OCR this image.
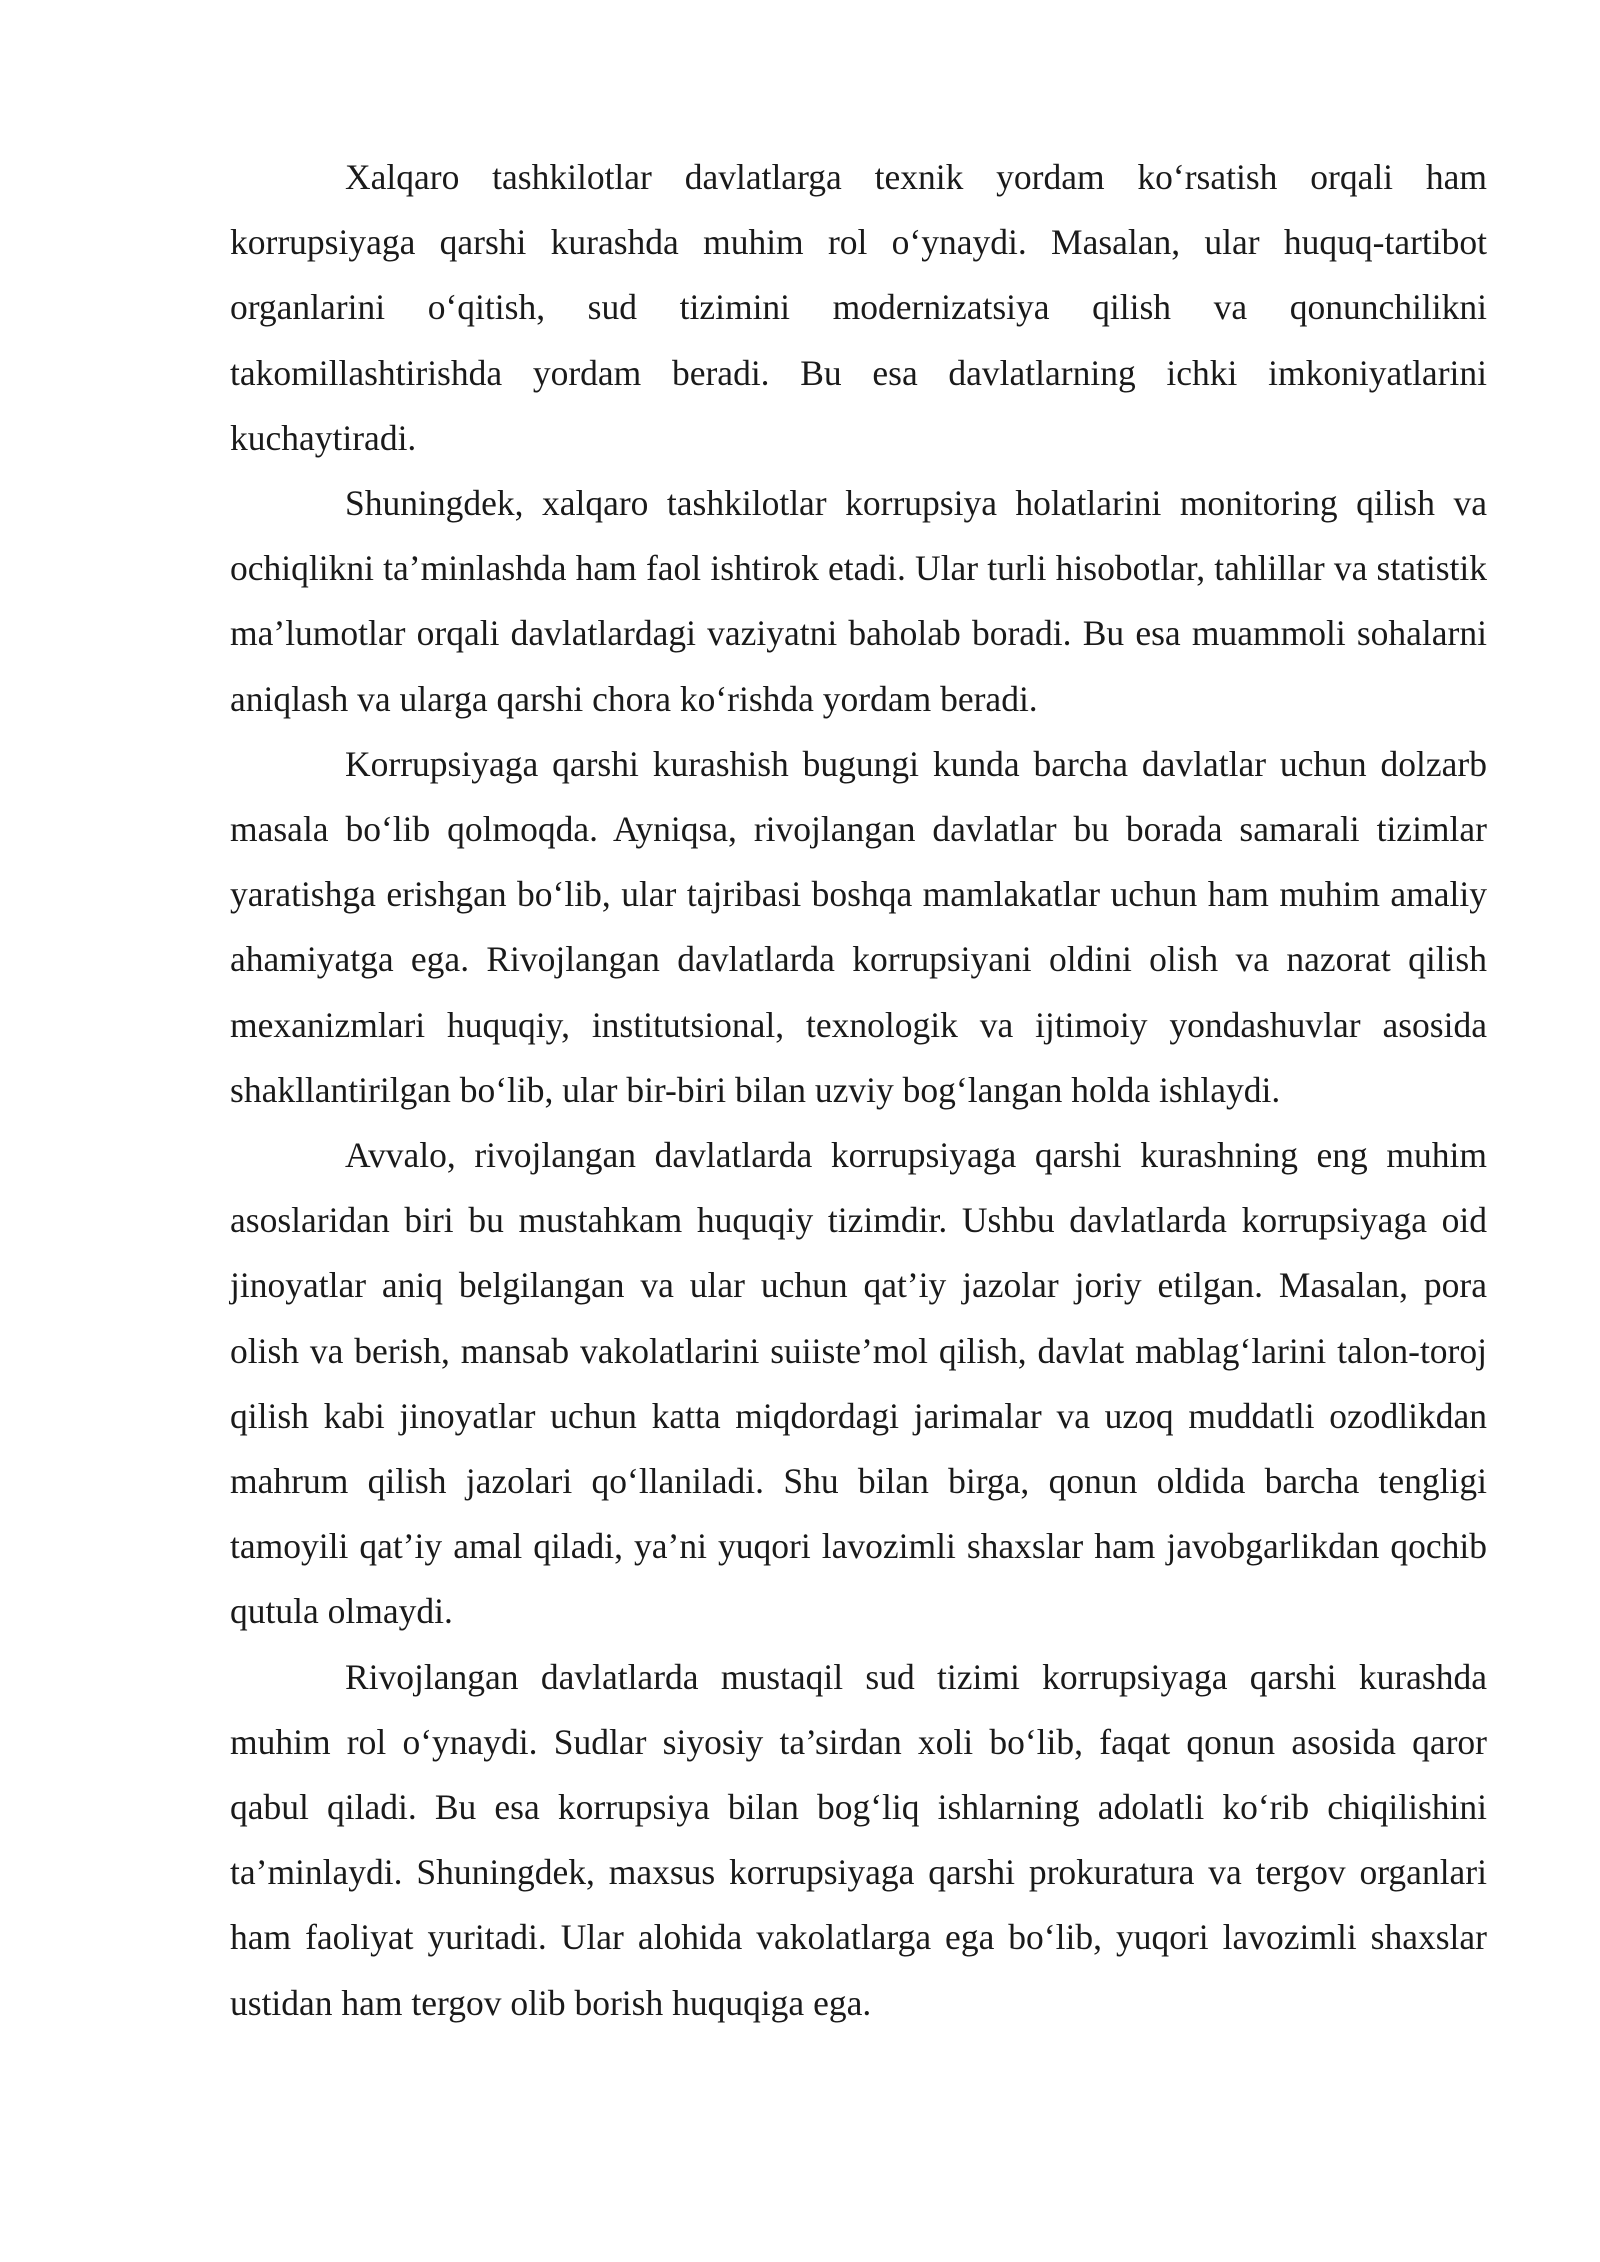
Xalqaro tashkilotlar davlatlarga texnik yordam ko‘rsatish orqali ham korrupsiyaga qarshi kurashda muhim rol o‘ynaydi. Masalan, ular huquq-tartibot organlarini o‘qitish, sud tizimini modernizatsiya qilish va qonunchilikni takomillashtirishda yordam beradi. Bu esa davlatlarning ichki imkoniyatlarini kuchaytiradi.

Shuningdek, xalqaro tashkilotlar korrupsiya holatlarini monitoring qilish va ochiqlikni ta’minlashda ham faol ishtirok etadi. Ular turli hisobotlar, tahlillar va statistik ma’lumotlar orqali davlatlardagi vaziyatni baholab boradi. Bu esa muammoli sohalarni aniqlash va ularga qarshi chora ko‘rishda yordam beradi.

Korrupsiyaga qarshi kurashish bugungi kunda barcha davlatlar uchun dolzarb masala bo‘lib qolmoqda. Ayniqsa, rivojlangan davlatlar bu borada samarali tizimlar yaratishga erishgan bo‘lib, ular tajribasi boshqa mamlakatlar uchun ham muhim amaliy ahamiyatga ega. Rivojlangan davlatlarda korrupsiyani oldini olish va nazorat qilish mexanizmlari huquqiy, institutsional, texnologik va ijtimoiy yondashuvlar asosida shakllantirilgan bo‘lib, ular bir-biri bilan uzviy bog‘langan holda ishlaydi.

Avvalo, rivojlangan davlatlarda korrupsiyaga qarshi kurashning eng muhim asoslaridan biri bu mustahkam huquqiy tizimdir. Ushbu davlatlarda korrupsiyaga oid jinoyatlar aniq belgilangan va ular uchun qat’iy jazolar joriy etilgan. Masalan, pora olish va berish, mansab vakolatlarini suiiste’mol qilish, davlat mablag‘larini talon-toroj qilish kabi jinoyatlar uchun katta miqdordagi jarimalar va uzoq muddatli ozodlikdan mahrum qilish jazolari qo‘llaniladi. Shu bilan birga, qonun oldida barcha tengligi tamoyili qat’iy amal qiladi, ya’ni yuqori lavozimli shaxslar ham javobgarlikdan qochib qutula olmaydi.

Rivojlangan davlatlarda mustaqil sud tizimi korrupsiyaga qarshi kurashda muhim rol o‘ynaydi. Sudlar siyosiy ta’sirdan xoli bo‘lib, faqat qonun asosida qaror qabul qiladi. Bu esa korrupsiya bilan bog‘liq ishlarning adolatli ko‘rib chiqilishini ta’minlaydi. Shuningdek, maxsus korrupsiyaga qarshi prokuratura va tergov organlari ham faoliyat yuritadi. Ular alohida vakolatlarga ega bo‘lib, yuqori lavozimli shaxslar ustidan ham tergov olib borish huquqiga ega.
